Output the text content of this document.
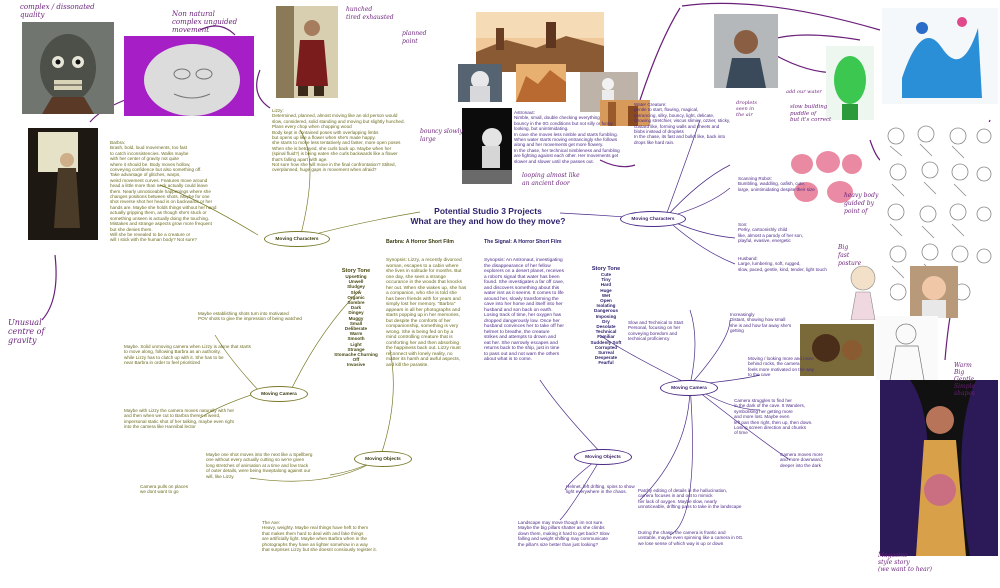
Potential Studio 3 Projects
What are they and how do they move?
Barbra: A Horror Short Film
Synopsis: Lizzy, a recently divorced
woman, escapes to a cabin where
she lives in solitude for months. But
one day, she sees a strange
occurance in the woods that knocks
her out. When she wakes up, she has
a companion, who she is told she
has been friends with for years and
simply lost her memory. "Barbra"
appears in all her photographs and
starts popping up in her memories,
but despite the comforts of her
companionship, something is very
wrong. She is being fed on by a
mind controlling creature that is
comforting her and then absorbing
the happiness back out. Lizzy must
reconnect with lonely reality, no
matter its harsh and awful aspects,
and kill the parasite.
Story Tone
Upsetting
Unwell
Sludgey
Slow
Organic
Sombre
Dark
Dingey
Muggy
Small
Deliberate
Warm
Smooth
Light
Strange
Stomache Churning
Off
Invasive
The Signal: A Horror Short Film
Synopsis: An Astronaut, investigating
the disappearance of her fellow
explorers on a desert planet, receives
a robot's signal that water has been
found. She investigates a far off cave,
and discovers something about this
water isnt as it seems. It comes to life
around her, slowly transforming the
cave into her home and itself into her
husband and son back on earth.
Losing track of time, her oxygen has
dropped dangerously low. Once her
husband convinces her to take off her
helmet to breathe, the creature
strikes and attempts to drown and
eat her. She narrowly escapes and
returns back to the ship, just in time
to pass out and not warn the others
about what is to come.
Story Tone
Cute
Tiny
Hard
Huge
Wet
Open
Isolating
Dangerous
Imposing
Dry
Desolate
Technical
Familiar
Suddenly Soft
Corrupted
Surreal
Desperate
Fearful
Moving Characters
Moving Camera
Moving Objects
Moving Characters
Moving Camera
Moving Objects
Barbra:
Brash, bold, loud movements, too fast
to catch inconsistencies. Walks maybe
with her center of gravity not quite
where it should be. Body moves hollow,
conveying confidence but also something off.
Take advantage of glitches, warps,
weird movement curves. Features move around
head a little more than neck actually could leave
them. Nearly unnoticeable happenings where she
changes positions between shots. Maybe for one
shot reverse shot her head is on backwards or her
hands are. Maybe she holds things without her hand
actually gripping them, as though she's stuck or
something unseen is actually doing the touching.
Mistakes and strange aspects grow more frequent
but she denies them.
Will she be revealed to be a creature or
will I stick with the human body? Not sure?
Lizzy:
Determined, planned, almost moving like an old person would
slow, considered, solid standing and moving but slightly hunched.
Plans every chop when chopping wood
Body kept in contained poses with overlapping limbs
but opens up like a flower when she's made happy.
she starts to move less tentatively and faster, more open poses
When she is betrayed, she curls back up. Maybe when her
(spinal fluid?) is being eaten she curls backwards like a flower
that's falling apart with age.
Not sure how she will move in the final confrontation? Stilted,
overplanned, huge gaps in movement when afraid?
Maybe establishing shots turn into motivated
POV shots to give the impression of being watched
Maybe. Solid unmoving camera when Lizzy is alone that starts
to move along, following Barbra as an authority,
while Lizzy has to clutch up with it. She has to be
near Barbra in order to feel prioritized
Maybe with Lizzy the camera moves naturally with her
and then when we cut to Barbra theres a weird,
impersonal static shot of her talking, maybe even right
into the camera like Hannibal lector
Maybe one shot moves into the next like a Spellberg
one without every actually cutting so we're given
long stretches of animation at a time and low track
of outer details, were being Sweptalong against our
will, like Lizzy.
Camera pulls on places
we dont want to go
The Axe:
Heavy, weighty. Maybe real things have heft to them
that makes them hard to deal with and fake things
are artificially light. Maybe when Barbra when in the
photographs they have an lighter somehow in a way
that surprises Lizzy but she doesnt consiously register it.
Astronaut:
Nimble, small, double checking everything
bouncy in the 0G conditions but not silly or funny
looking, but unintimidating.
In cave she moves less nimble and starts fumbling.
When water starts moving entrancingly she follows
along and her movements get more flowery.
In the chase, her technical nimbleness and fumbling
are fighting against each other. Her movements get
slower and slower until she passes out.
Water Creature:
gentle to start, flowing, magical,
entrancing, silky, bouncy, light, delicate,
Growing stretchier, viscus slimier, ozzier, sticky,
custard like, forming walls and sheets and
blobs instead of droplets
In the chase, its fast and bullet like, back into
drops like hard rain.
Scanning Robot:
Bumbling, waddling, oafish, cute,
large, unintimidating despite their size
Son:
Perky, cartoonishly child
like, almost a parody of her son,
playful, evasive, energetic
Husband:
Large, lumbering, soft, rugged,
slow, paced, gentle, kind, tender, light touch
Slow and Technical to Start
Personal, focusing on her
conveying boredom and
technical proficiency
Increasingly
Distant, showing how small
she is and how far away she's
getting
Moving / looking more and more
behind rocks, the camera
feels more motivated on the way
to the cave
Camera struggles to find her
in the dark of the cave. It Wanders,
symbolising her getting more
and more lost. Maybe even
left pan then right, then up, then down.
Losing screen direction and chunks
of time
Camera moves more
and more downward,
deeper into the dark
Patchy editing of details in the hallucination,
camera focuses in and out to mimick
her lack of oxygen. Maybe slow, nearly
unnoticeable, drifting pans to take in the landscape
During the chase, the camera is frantic and
unstable, maybe even spinning like a camera in 0G.
we lose sense of which way is up or down
Helmet, left drifting, spins to show
light everywhere in the chaos.
Landscape may move though im not sure.
Maybe the big pillars shatter as she climbs
down them, making it hard to get back? Slow
falling and weight shifting may communicate
the pillar's size better than just looking?
complex / dissonated
quality	Non natural
complex unguided
movement
hunched
tired exhausted
planned
point
Unusual
centre of
gravity
bouncy slowly
large
looping almost like
an ancient door
droplets
seen in
the air
add our water
slow building
puddle of
but it's correct
heavy body
guided by
point of
Big
fast
posture
Warm
Big
Gentle
Simple
shapes
Magazine
style story
(we want to hear)
